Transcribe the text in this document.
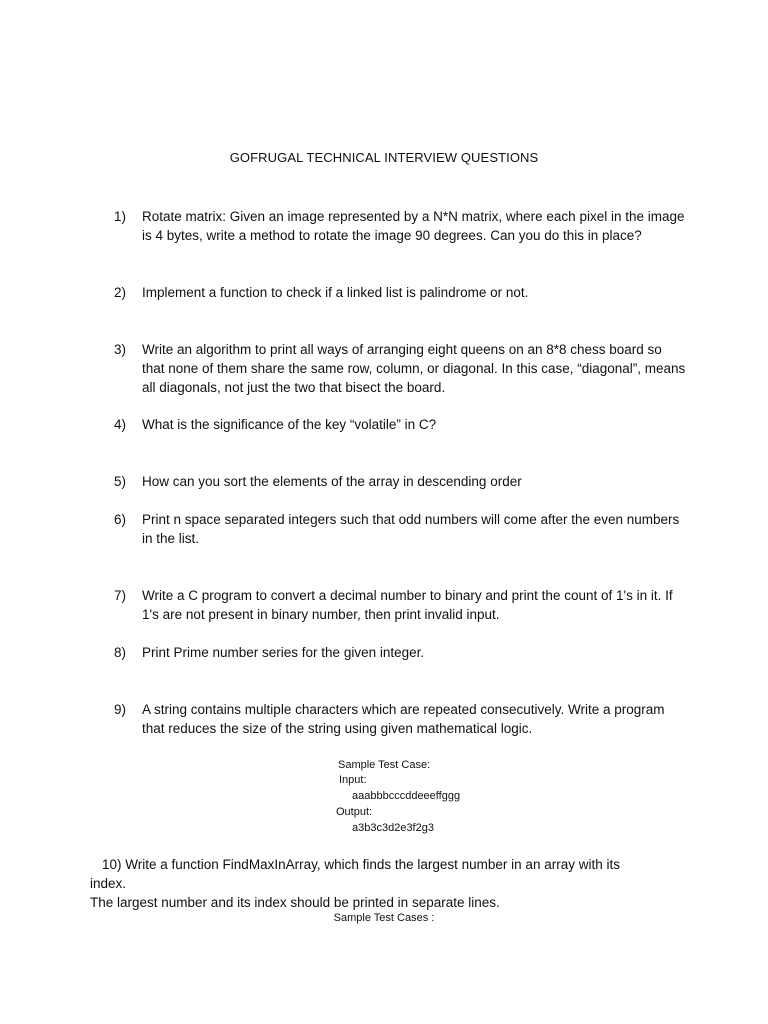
GOFRUGAL TECHNICAL INTERVIEW QUESTIONS
1) Rotate matrix: Given an image represented by a N*N matrix, where each pixel in the image is 4 bytes, write a method to rotate the image 90 degrees. Can you do this in place?
2) Implement a function to check if a linked list is palindrome or not.
3) Write an algorithm to print all ways of arranging eight queens on an 8*8 chess board so that none of them share the same row, column, or diagonal. In this case, “diagonal”, means all diagonals, not just the two that bisect the board.
4) What is the significance of the key “volatile” in C?
5) How can you sort the elements of the array in descending order
6) Print n space separated integers such that odd numbers will come after the even numbers in the list.
7) Write a C program to convert a decimal number to binary and print the count of 1's in it. If 1's are not present in binary number, then print invalid input.
8) Print Prime number series for the given integer.
9) A string contains multiple characters which are repeated consecutively. Write a program that reduces the size of the string using given mathematical logic.
Sample Test Case:
Input:
aaabbbcccddeeeffggg
Output:
a3b3c3d2e3f2g3
10) Write a function FindMaxInArray, which finds the largest number in an array with its
index.
The largest number and its index should be printed in separate lines.
Sample Test Cases :
